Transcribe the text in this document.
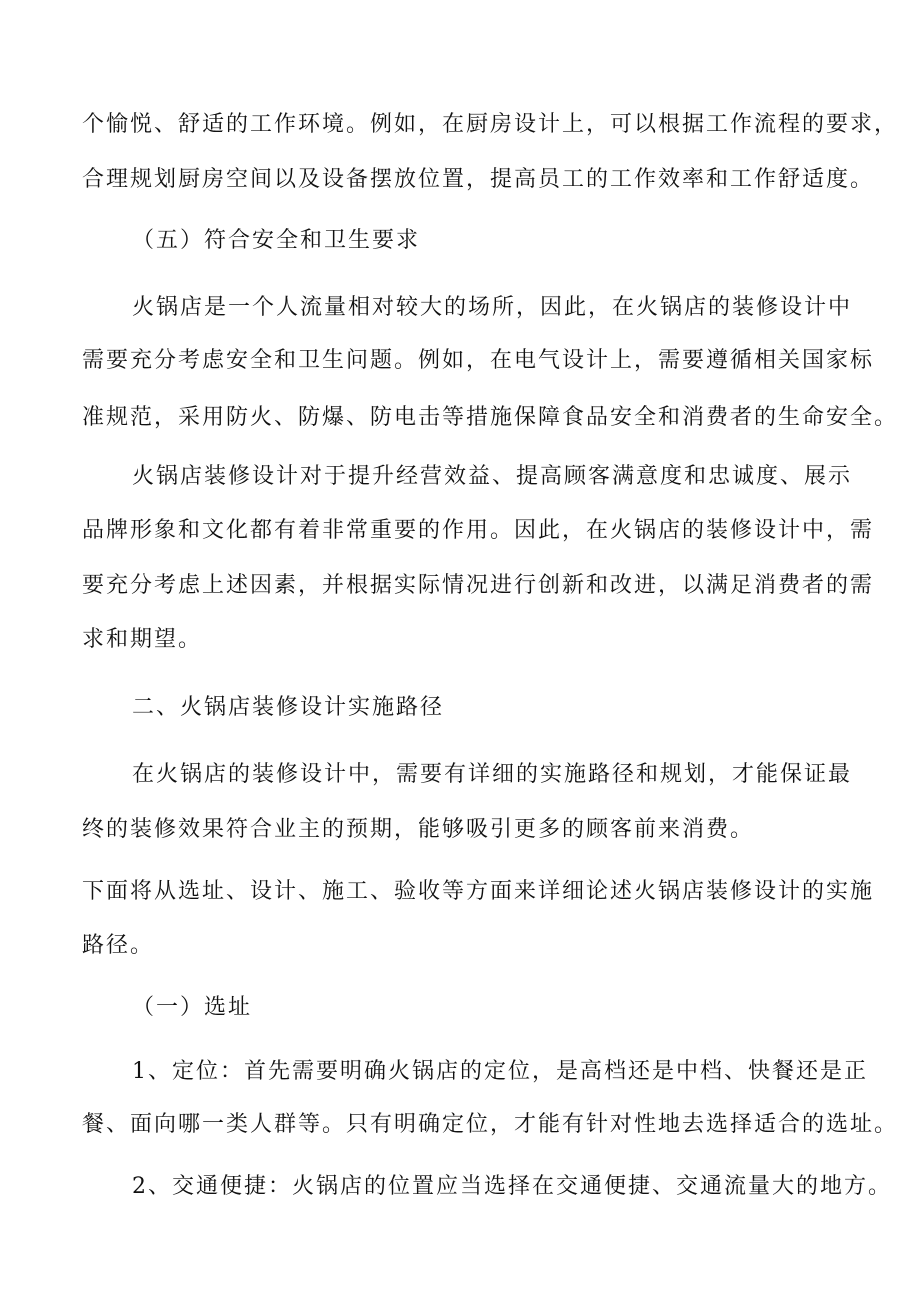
个愉悦、舒适的工作环境。例如，在厨房设计上，可以根据工作流程的要求，
合理规划厨房空间以及设备摆放位置，提高员工的工作效率和工作舒适度。
（五）符合安全和卫生要求
火锅店是一个人流量相对较大的场所，因此，在火锅店的装修设计中
需要充分考虑安全和卫生问题。例如，在电气设计上，需要遵循相关国家标
准规范，采用防火、防爆、防电击等措施保障食品安全和消费者的生命安全。
火锅店装修设计对于提升经营效益、提高顾客满意度和忠诚度、展示
品牌形象和文化都有着非常重要的作用。因此，在火锅店的装修设计中，需
要充分考虑上述因素，并根据实际情况进行创新和改进，以满足消费者的需
求和期望。
二、火锅店装修设计实施路径
在火锅店的装修设计中，需要有详细的实施路径和规划，才能保证最
终的装修效果符合业主的预期，能够吸引更多的顾客前来消费。
下面将从选址、设计、施工、验收等方面来详细论述火锅店装修设计的实施
路径。
（一）选址
1、定位：首先需要明确火锅店的定位，是高档还是中档、快餐还是正
餐、面向哪一类人群等。只有明确定位，才能有针对性地去选择适合的选址。
2、交通便捷：火锅店的位置应当选择在交通便捷、交通流量大的地方。
